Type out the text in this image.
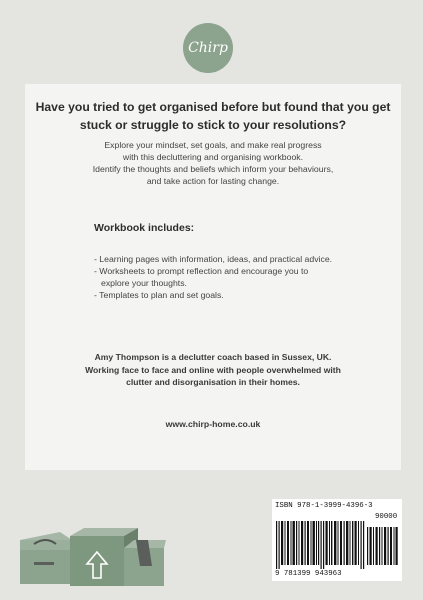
Chirp

Have you tried to get organised before but found that you get stuck or struggle to stick to your resolutions?

Explore your mindset, set goals, and make real progress
with this decluttering and organising workbook.
Identify the thoughts and beliefs which inform your behaviours,
and take action for lasting change.

Workbook includes:

- Learning pages with information, ideas, and practical advice.
- Worksheets to prompt reflection and encourage you to explore your thoughts.
- Templates to plan and set goals.

Amy Thompson is a declutter coach based in Sussex, UK.
Working face to face and online with people overwhelmed with
clutter and disorganisation in their homes.

www.chirp-home.co.uk

ISBN 978-1-3999-4396-3
90000
9 781399 943963
